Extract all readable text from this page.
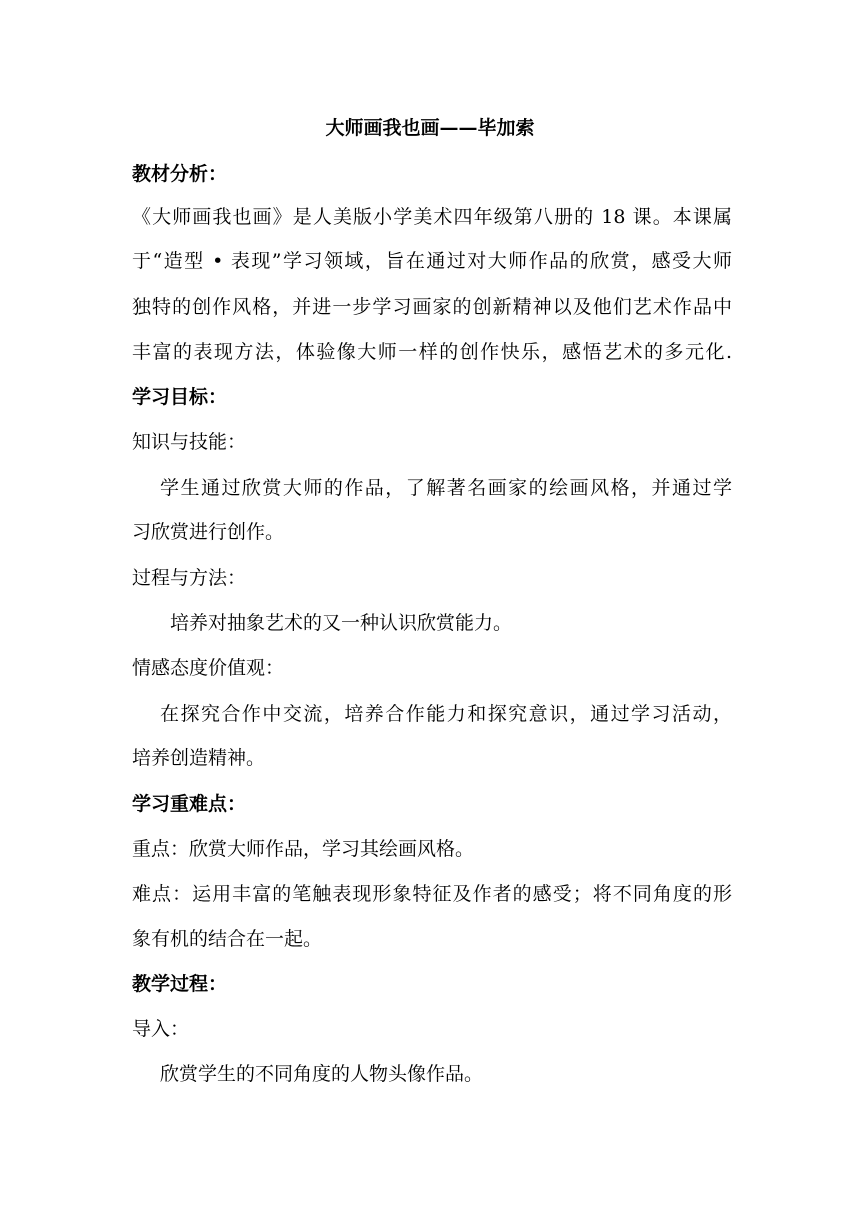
大师画我也画——毕加索
教材分析：
《大师画我也画》是人美版小学美术四年级第八册的 18 课。本课属
于“造型 • 表现”学习领域，旨在通过对大师作品的欣赏，感受大师
独特的创作风格，并进一步学习画家的创新精神以及他们艺术作品中
丰富的表现方法，体验像大师一样的创作快乐，感悟艺术的多元化.
学习目标：
知识与技能：
学生通过欣赏大师的作品，了解著名画家的绘画风格，并通过学
习欣赏进行创作。
过程与方法：
培养对抽象艺术的又一种认识欣赏能力。
情感态度价值观：
在探究合作中交流，培养合作能力和探究意识，通过学习活动，
培养创造精神。
学习重难点：
重点：欣赏大师作品，学习其绘画风格。
难点：运用丰富的笔触表现形象特征及作者的感受；将不同角度的形
象有机的结合在一起。
教学过程：
导入：
欣赏学生的不同角度的人物头像作品。
